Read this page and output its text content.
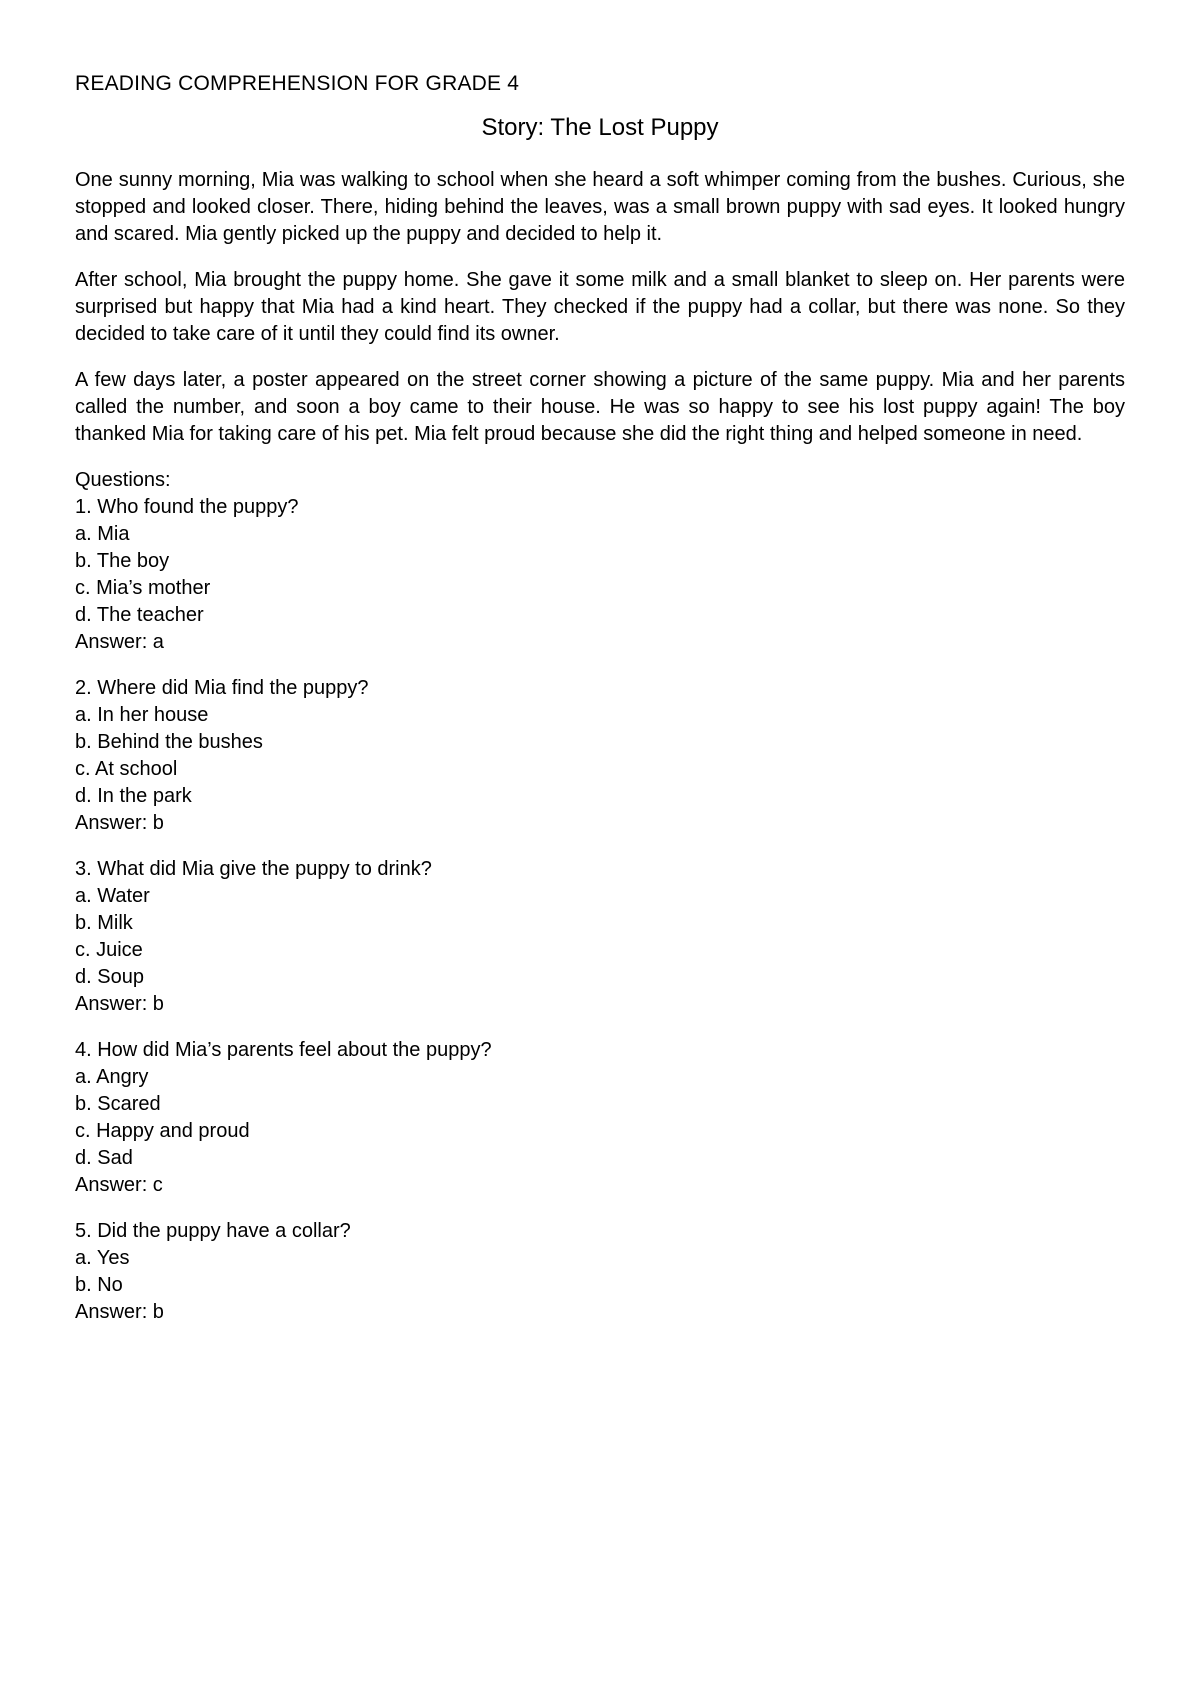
READING COMPREHENSION FOR GRADE 4
Story: The Lost Puppy

One sunny morning, Mia was walking to school when she heard a soft whimper coming from the bushes. Curious, she stopped and looked closer. There, hiding behind the leaves, was a small brown puppy with sad eyes. It looked hungry and scared. Mia gently picked up the puppy and decided to help it.

After school, Mia brought the puppy home. She gave it some milk and a small blanket to sleep on. Her parents were surprised but happy that Mia had a kind heart. They checked if the puppy had a collar, but there was none. So they decided to take care of it until they could find its owner.

A few days later, a poster appeared on the street corner showing a picture of the same puppy. Mia and her parents called the number, and soon a boy came to their house. He was so happy to see his lost puppy again! The boy thanked Mia for taking care of his pet. Mia felt proud because she did the right thing and helped someone in need.

Questions:
1. Who found the puppy?
a. Mia
b. The boy
c. Mia’s mother
d. The teacher
Answer: a
2. Where did Mia find the puppy?
a. In her house
b. Behind the bushes
c. At school
d. In the park
Answer: b
3. What did Mia give the puppy to drink?
a. Water
b. Milk
c. Juice
d. Soup
Answer: b
4. How did Mia’s parents feel about the puppy?
a. Angry
b. Scared
c. Happy and proud
d. Sad
Answer: c
5. Did the puppy have a collar?
a. Yes
b. No
Answer: b
